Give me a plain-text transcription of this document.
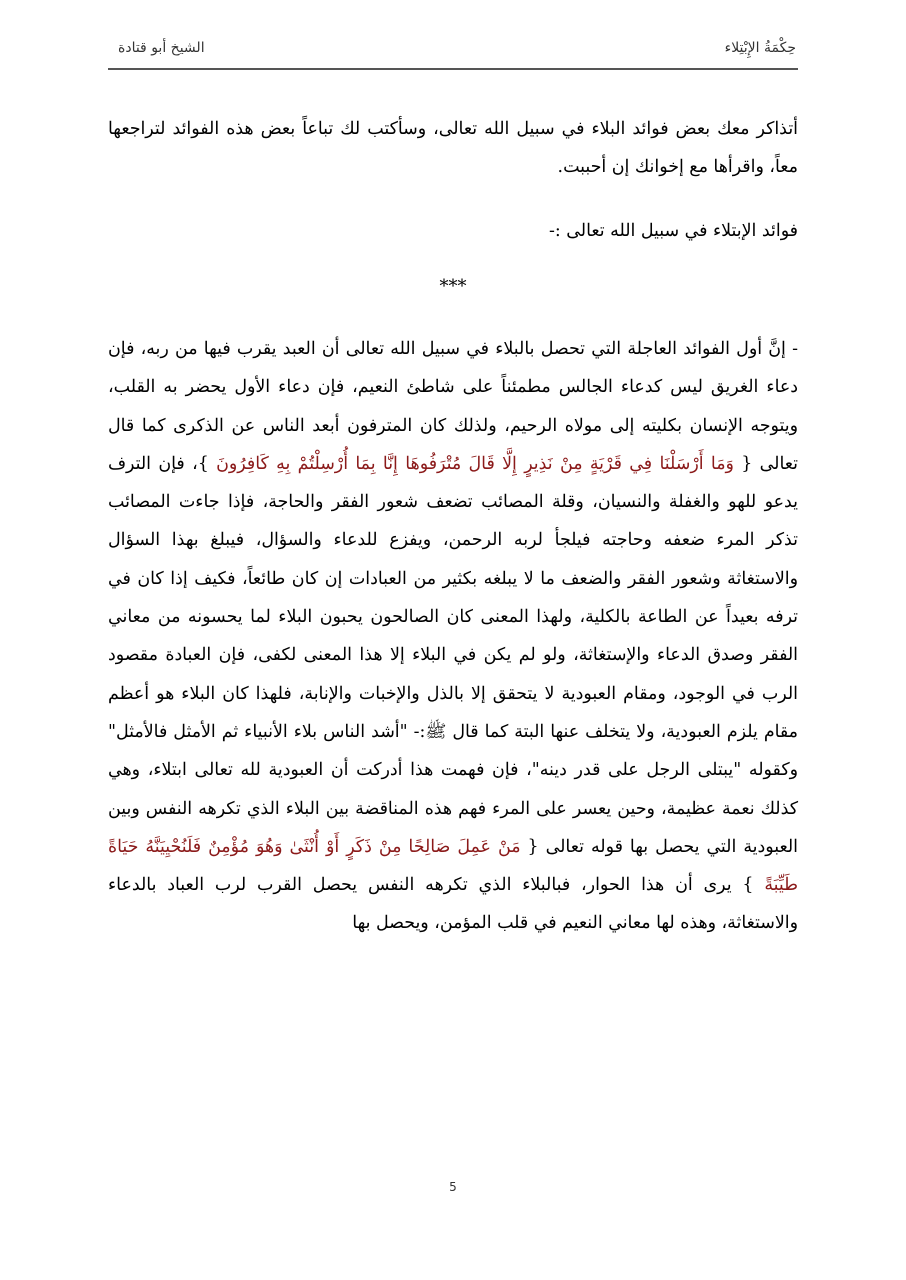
حِكْمَةُ الإِبْتِلاء
الشيخ أبو قتادة
أتذاكر معك بعض فوائد البلاء في سبيل الله تعالى، وسأكتب لك تباعاً بعض هذه الفوائد لتراجعها معاً، واقرأها مع إخوانك إن أحببت.
فوائد الإبتلاء في سبيل الله تعالى :-
***
- إنَّ أول الفوائد العاجلة التي تحصل بالبلاء في سبيل الله تعالى أن العبد يقرب فيها من ربه، فإن دعاء الغريق ليس كدعاء الجالس مطمئناً على شاطئ النعيم، فإن دعاء الأول يحضر به القلب، ويتوجه الإنسان بكليته إلى مولاه الرحيم، ولذلك كان المترفون أبعد الناس عن الذكرى كما قال تعالى { وَمَا أَرْسَلْنَا فِي قَرْيَةٍ مِنْ نَذِيرٍ إِلَّا قَالَ مُتْرَفُوهَا إِنَّا بِمَا أُرْسِلْتُمْ بِهِ كَافِرُونَ }، فإن الترف يدعو للهو والغفلة والنسيان، وقلة المصائب تضعف شعور الفقر والحاجة، فإذا جاءت المصائب تذكر المرء ضعفه وحاجته فيلجأ لربه الرحمن، ويفزع للدعاء والسؤال، فيبلغ بهذا السؤال والاستغاثة وشعور الفقر والضعف ما لا يبلغه بكثير من العبادات إن كان طائعاً، فكيف إذا كان في ترفه بعيداً عن الطاعة بالكلية، ولهذا المعنى كان الصالحون يحبون البلاء لما يحسونه من معاني الفقر وصدق الدعاء والإستغاثة، ولو لم يكن في البلاء إلا هذا المعنى لكفى، فإن العبادة مقصود الرب في الوجود، ومقام العبودية لا يتحقق إلا بالذل والإخبات والإنابة، فلهذا كان البلاء هو أعظم مقام يلزم العبودية، ولا يتخلف عنها البتة كما قال ﷺ:- "أشد الناس بلاء الأنبياء ثم الأمثل فالأمثل" وكقوله "يبتلى الرجل على قدر دينه"، فإن فهمت هذا أدركت أن العبودية لله تعالى ابتلاء، وهي كذلك نعمة عظيمة، وحين يعسر على المرء فهم هذه المناقضة بين البلاء الذي تكرهه النفس وبين العبودية التي يحصل بها قوله تعالى { مَنْ عَمِلَ صَالِحًا مِنْ ذَكَرٍ أَوْ أُنْثَىٰ وَهُوَ مُؤْمِنٌ فَلَنُحْيِيَنَّهُ حَيَاةً طَيِّبَةً } يرى أن هذا الحوار، فبالبلاء الذي تكرهه النفس يحصل القرب لرب العباد بالدعاء والاستغاثة، وهذه لها معاني النعيم في قلب المؤمن، ويحصل بها
5
